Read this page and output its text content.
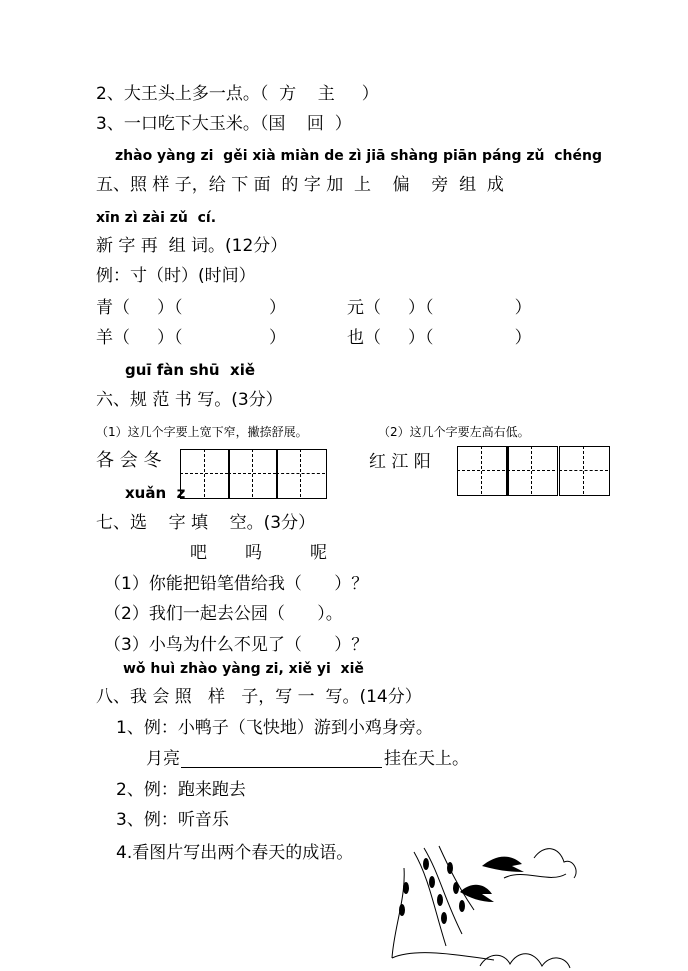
2、大王头上多一点。（  方    主     ）
3、一口吃下大玉米。（国    回  ）
zhào yàng zi  gěi xià miàn de zì jiā shàng piān páng zǔ  chéng
五、照 样 子，给 下 面  的 字 加  上    偏    旁  组  成
xīn zì zài zǔ  cí.
新 字 再  组 词。(12分）
例：寸（时）(时间）
青（     ）（                ）	元（     ）（               ）
羊（     ）（                ）	也（     ）（               ）
guī fàn shū  xiě
六、规 范 书 写。(3分）
（1）这几个字要上宽下窄，撇捺舒展。	（2）这几个字要左高右低。
各 会 冬	红 江 阳
xuǎn  z
七、选    字 填    空。(3分）
吧 吗	呢
（1）你能把铅笔借给我（      ）？
（2）我们一起去公园（      ）。
（3）小鸟为什么不见了（      ）？
wǒ huì zhào yàng zi, xiě yi  xiě
八、我 会 照   样   子，写 一  写。(14分）
1、例：小鸭子（飞快地）游到小鸡身旁。
月亮	挂在天上。
2、例：跑来跑去
3、例：听音乐
4.看图片写出两个春天的成语。
